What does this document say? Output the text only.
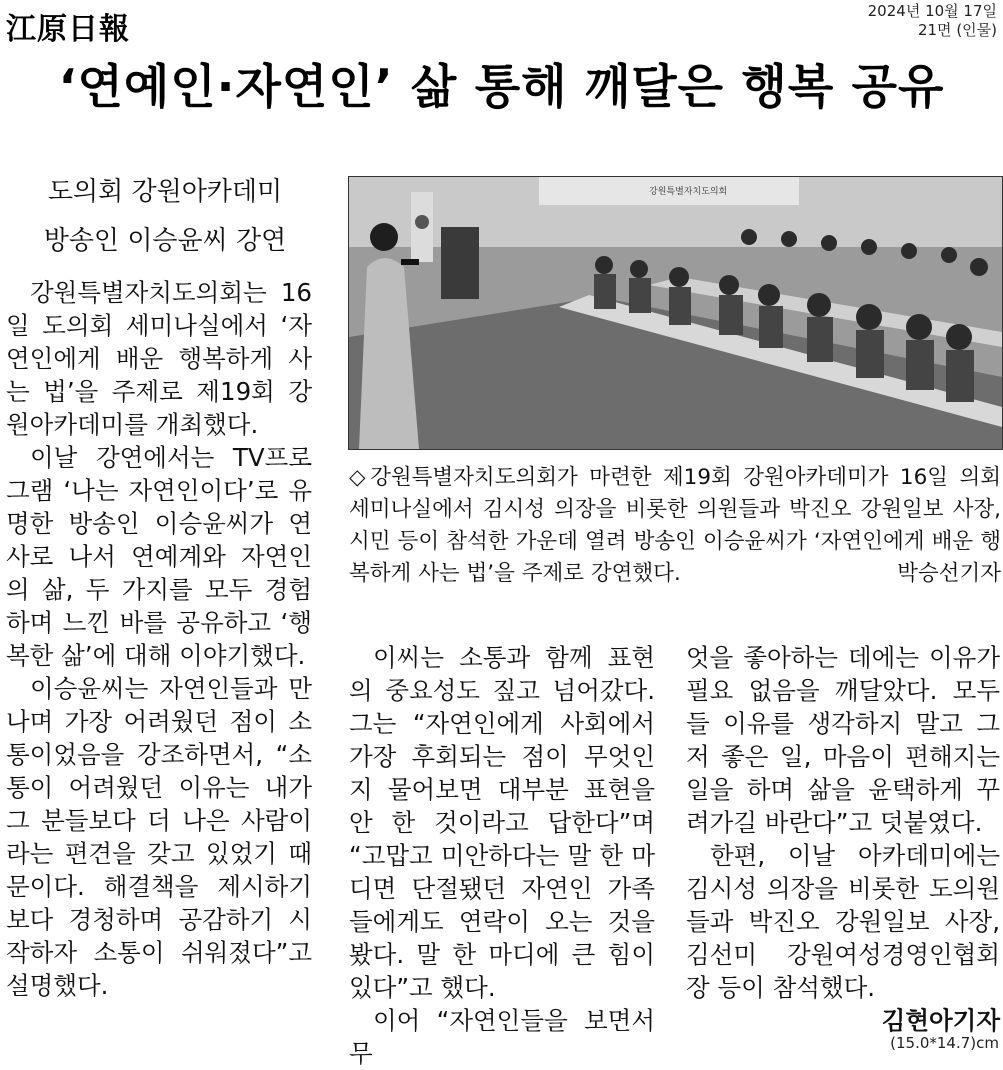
江原日報
2024년 10월 17일
21면 (인물)
‘연예인·자연인’ 삶 통해 깨달은 행복 공유
도의회 강원아카데미
방송인 이승윤씨 강연

강원특별자치도의회는 16일 도의회 세미나실에서 ‘자연인에게 배운 행복하게 사는 법’을 주제로 제19회 강원아카데미를 개최했다.

이날 강연에서는 TV프로그램 ‘나는 자연인이다’로 유명한 방송인 이승윤씨가 연사로 나서 연예계와 자연인의 삶, 두 가지를 모두 경험하며 느낀 바를 공유하고 ‘행복한 삶’에 대해 이야기했다.

이승윤씨는 자연인들과 만나며 가장 어려웠던 점이 소통이었음을 강조하면서, “소통이 어려웠던 이유는 내가 그 분들보다 더 나은 사람이라는 편견을 갖고 있었기 때문이다. 해결책을 제시하기보다 경청하며 공감하기 시작하자 소통이 쉬워졌다”고 설명했다.

강원특별자치도의회
◇강원특별자치도의회가 마련한 제19회 강원아카데미가 16일 의회 세미나실에서 김시성 의장을 비롯한 의원들과 박진오 강원일보 사장, 시민 등이 참석한 가운데 열려 방송인 이승윤씨가 ‘자연인에게 배운 행복하게 사는 법’을 주제로 강연했다.	박승선기자

이씨는 소통과 함께 표현의 중요성도 짚고 넘어갔다. 그는 “자연인에게 사회에서 가장 후회되는 점이 무엇인지 물어보면 대부분 표현을 안 한 것이라고 답한다”며 “고맙고 미안하다는 말 한 마디면 단절됐던 자연인 가족들에게도 연락이 오는 것을 봤다. 말 한 마디에 큰 힘이 있다”고 했다.

이어 “자연인들을 보면서 무

엇을 좋아하는 데에는 이유가 필요 없음을 깨달았다. 모두들 이유를 생각하지 말고 그저 좋은 일, 마음이 편해지는 일을 하며 삶을 윤택하게 꾸려가길 바란다”고 덧붙였다.

한편, 이날 아카데미에는 김시성 의장을 비롯한 도의원들과 박진오 강원일보 사장, 김선미 강원여성경영인협회장 등이 참석했다.

김현아기자

(15.0*14.7)cm
